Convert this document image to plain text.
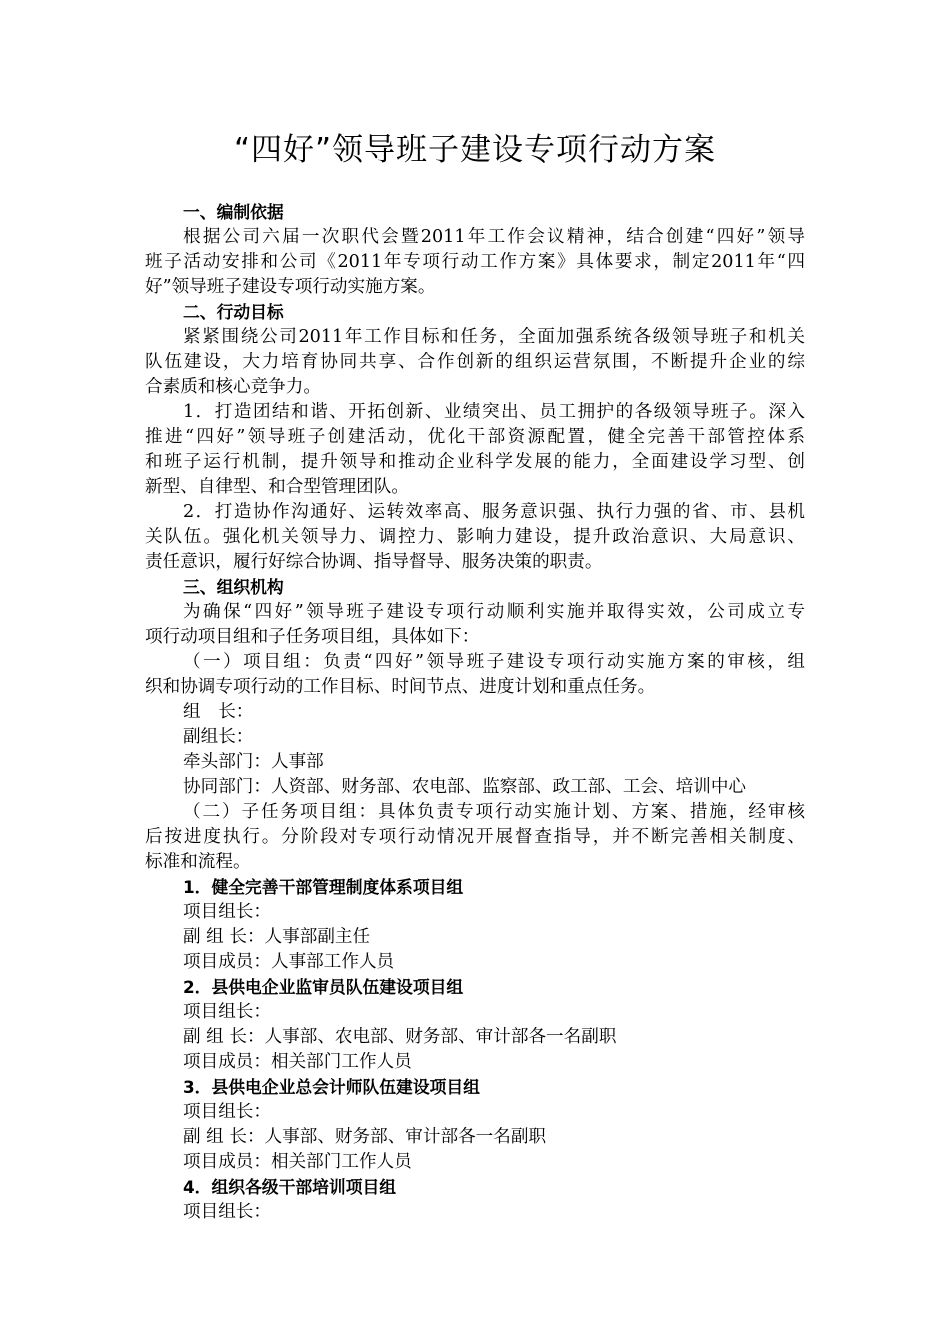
“四好”领导班子建设专项行动方案
一、编制依据
根据公司六届一次职代会暨2011年工作会议精神，结合创建“四好”领导
班子活动安排和公司《2011年专项行动工作方案》具体要求，制定2011年“四
好”领导班子建设专项行动实施方案。
二、行动目标
紧紧围绕公司2011年工作目标和任务，全面加强系统各级领导班子和机关
队伍建设，大力培育协同共享、合作创新的组织运营氛围，不断提升企业的综
合素质和核心竞争力。
1．打造团结和谐、开拓创新、业绩突出、员工拥护的各级领导班子。深入
推进“四好”领导班子创建活动，优化干部资源配置，健全完善干部管控体系
和班子运行机制，提升领导和推动企业科学发展的能力，全面建设学习型、创
新型、自律型、和合型管理团队。
2．打造协作沟通好、运转效率高、服务意识强、执行力强的省、市、县机
关队伍。强化机关领导力、调控力、影响力建设，提升政治意识、大局意识、
责任意识，履行好综合协调、指导督导、服务决策的职责。
三、组织机构
为确保“四好”领导班子建设专项行动顺利实施并取得实效，公司成立专
项行动项目组和子任务项目组，具体如下：
（一）项目组：负责“四好”领导班子建设专项行动实施方案的审核，组
织和协调专项行动的工作目标、时间节点、进度计划和重点任务。
组　长：
副组长：
牵头部门：人事部
协同部门：人资部、财务部、农电部、监察部、政工部、工会、培训中心
（二）子任务项目组：具体负责专项行动实施计划、方案、措施，经审核
后按进度执行。分阶段对专项行动情况开展督查指导，并不断完善相关制度、
标准和流程。
1．健全完善干部管理制度体系项目组
项目组长：
副 组 长：人事部副主任
项目成员：人事部工作人员
2．县供电企业监审员队伍建设项目组
项目组长：
副 组 长：人事部、农电部、财务部、审计部各一名副职
项目成员：相关部门工作人员
3．县供电企业总会计师队伍建设项目组
项目组长：
副 组 长：人事部、财务部、审计部各一名副职
项目成员：相关部门工作人员
4．组织各级干部培训项目组
项目组长：
